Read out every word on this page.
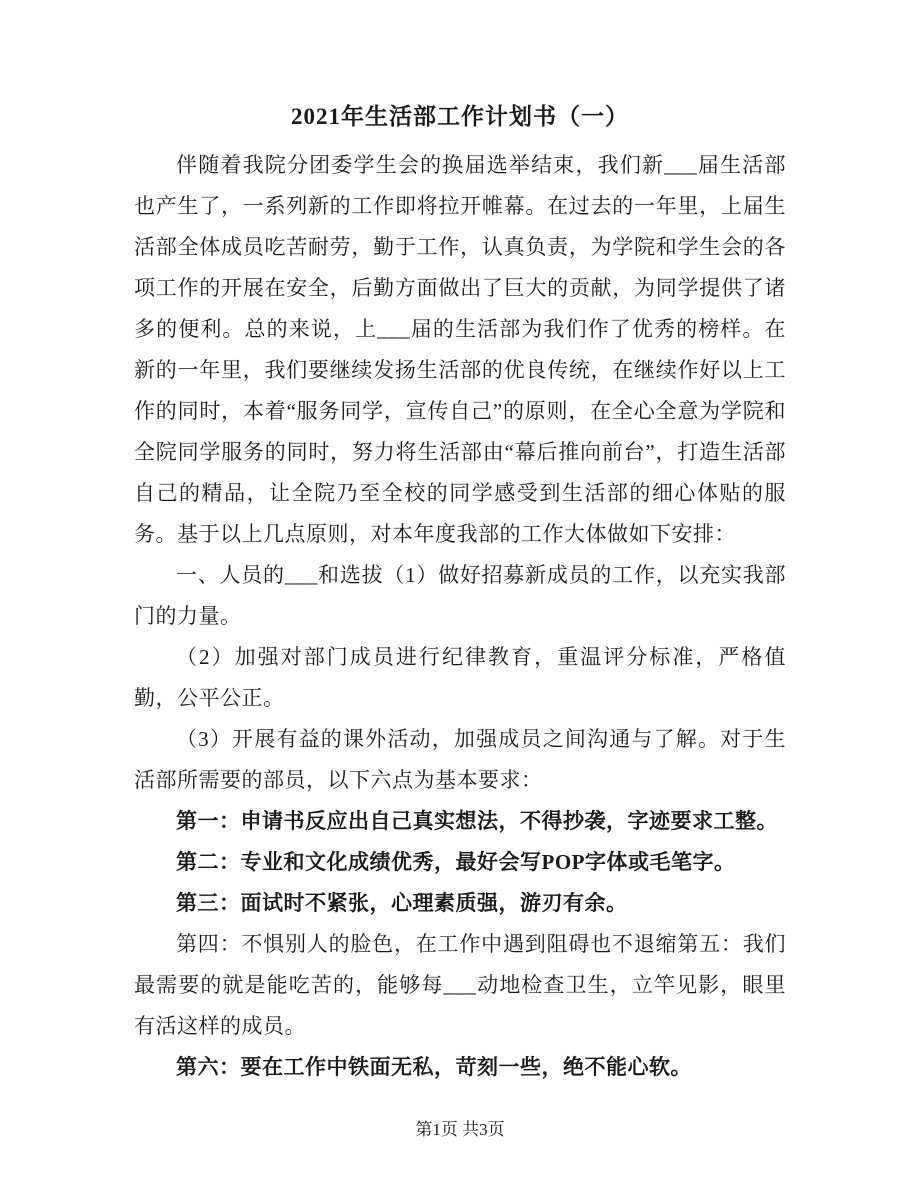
2021年生活部工作计划书（一）

伴随着我院分团委学生会的换届选举结束，我们新___届生活部也产生了，一系列新的工作即将拉开帷幕。在过去的一年里，上届生活部全体成员吃苦耐劳，勤于工作，认真负责，为学院和学生会的各项工作的开展在安全，后勤方面做出了巨大的贡献，为同学提供了诸多的便利。总的来说，上___届的生活部为我们作了优秀的榜样。在新的一年里，我们要继续发扬生活部的优良传统，在继续作好以上工作的同时，本着“服务同学，宣传自己”的原则，在全心全意为学院和全院同学服务的同时，努力将生活部由“幕后推向前台”，打造生活部自己的精品，让全院乃至全校的同学感受到生活部的细心体贴的服务。基于以上几点原则，对本年度我部的工作大体做如下安排：

一、人员的___和选拔（1）做好招募新成员的工作，以充实我部门的力量。

（2）加强对部门成员进行纪律教育，重温评分标准，严格值勤，公平公正。

（3）开展有益的课外活动，加强成员之间沟通与了解。对于生活部所需要的部员，以下六点为基本要求：

第一：申请书反应出自己真实想法，不得抄袭，字迹要求工整。

第二：专业和文化成绩优秀，最好会写POP字体或毛笔字。

第三：面试时不紧张，心理素质强，游刃有余。

第四：不惧别人的脸色，在工作中遇到阻碍也不退缩第五：我们最需要的就是能吃苦的，能够每___动地检查卫生，立竿见影，眼里有活这样的成员。

第六：要在工作中铁面无私，苛刻一些，绝不能心软。

第1页 共3页
